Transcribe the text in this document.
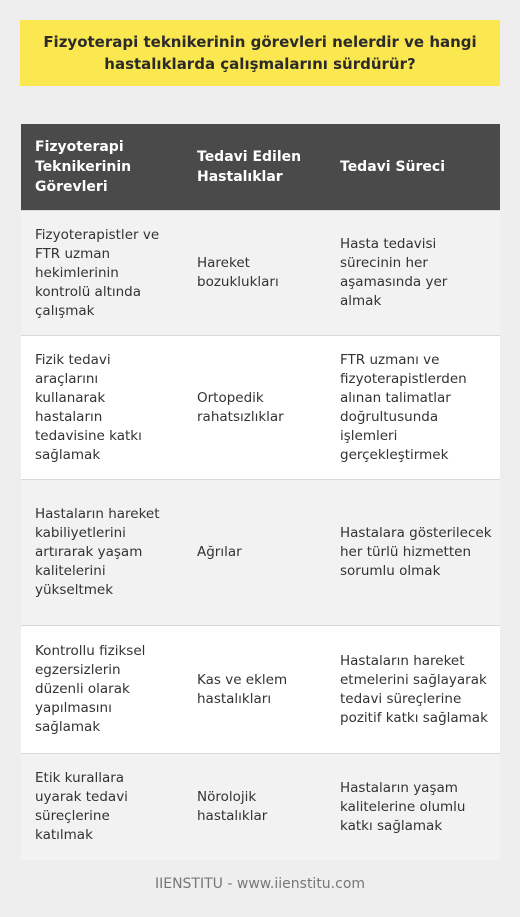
Fizyoterapi teknikerinin görevleri nelerdir ve hangi hastalıklarda çalışmalarını sürdürür?
Fizyoterapi Teknikerinin Görevleri	Tedavi Edilen Hastalıklar	Tedavi Süreci
Fizyoterapistler ve FTR uzman hekimlerinin kontrolü altında çalışmak	Hareket bozuklukları	Hasta tedavisi sürecinin her aşamasında yer almak
Fizik tedavi araçlarını kullanarak hastaların tedavisine katkı sağlamak	Ortopedik rahatsızlıklar	FTR uzmanı ve fizyoterapistlerden alınan talimatlar doğrultusunda işlemleri gerçekleştirmek
Hastaların hareket kabiliyetlerini artırarak yaşam kalitelerini yükseltmek	Ağrılar	Hastalara gösterilecek her türlü hizmetten sorumlu olmak
Kontrollu fiziksel egzersizlerin düzenli olarak yapılmasını sağlamak	Kas ve eklem hastalıkları	Hastaların hareket etmelerini sağlayarak tedavi süreçlerine pozitif katkı sağlamak
Etik kurallara uyarak tedavi süreçlerine katılmak	Nörolojik hastalıklar	Hastaların yaşam kalitelerine olumlu katkı sağlamak
IIENSTITU - www.iienstitu.com
